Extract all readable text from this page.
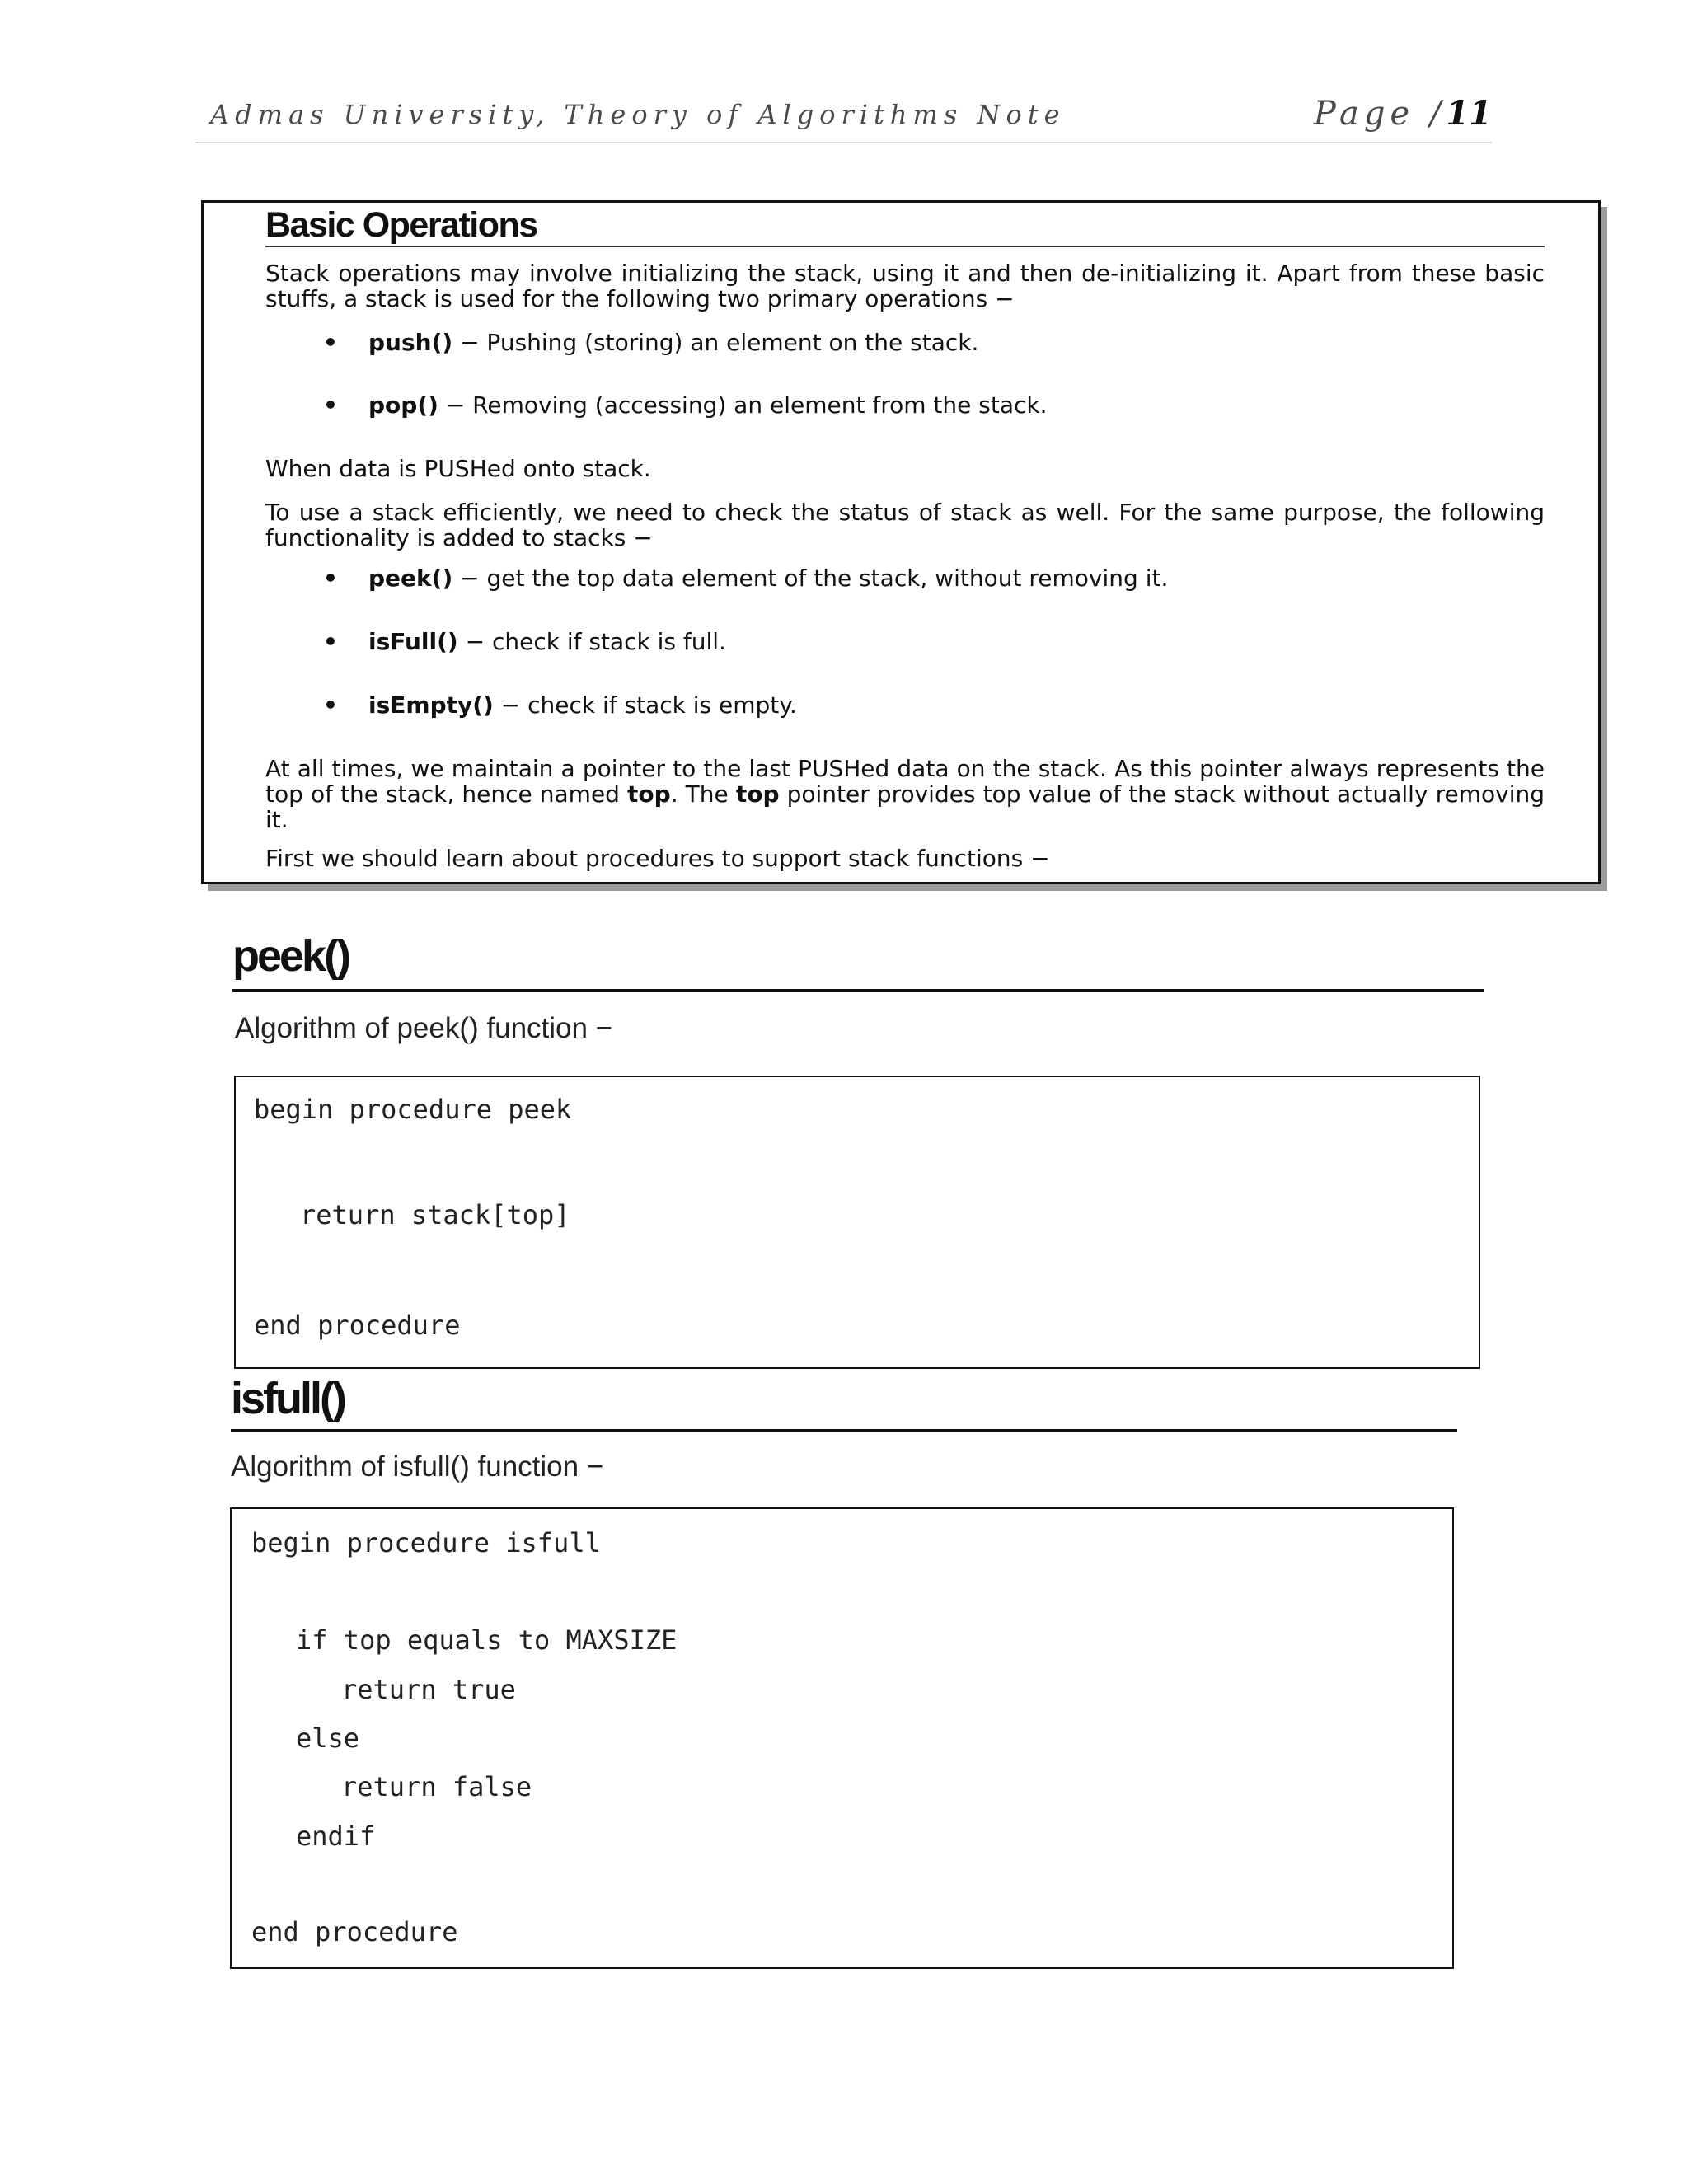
Admas University, Theory of Algorithms Note	Page /11
Basic Operations

Stack operations may involve initializing the stack, using it and then de-initializing it. Apart from these basic stuffs, a stack is used for the following two primary operations −

• push() − Pushing (storing) an element on the stack.
• pop() − Removing (accessing) an element from the stack.

When data is PUSHed onto stack.

To use a stack efficiently, we need to check the status of stack as well. For the same purpose, the following functionality is added to stacks −

• peek() − get the top data element of the stack, without removing it.
• isFull() − check if stack is full.
• isEmpty() − check if stack is empty.

At all times, we maintain a pointer to the last PUSHed data on the stack. As this pointer always represents the top of the stack, hence named top. The top pointer provides top value of the stack without actually removing it.

First we should learn about procedures to support stack functions −

peek()
Algorithm of peek() function −
begin procedure peek
return stack[top]
end procedure
isfull()
Algorithm of isfull() function −
begin procedure isfull
if top equals to MAXSIZE
return true
else
return false
endif
end procedure
